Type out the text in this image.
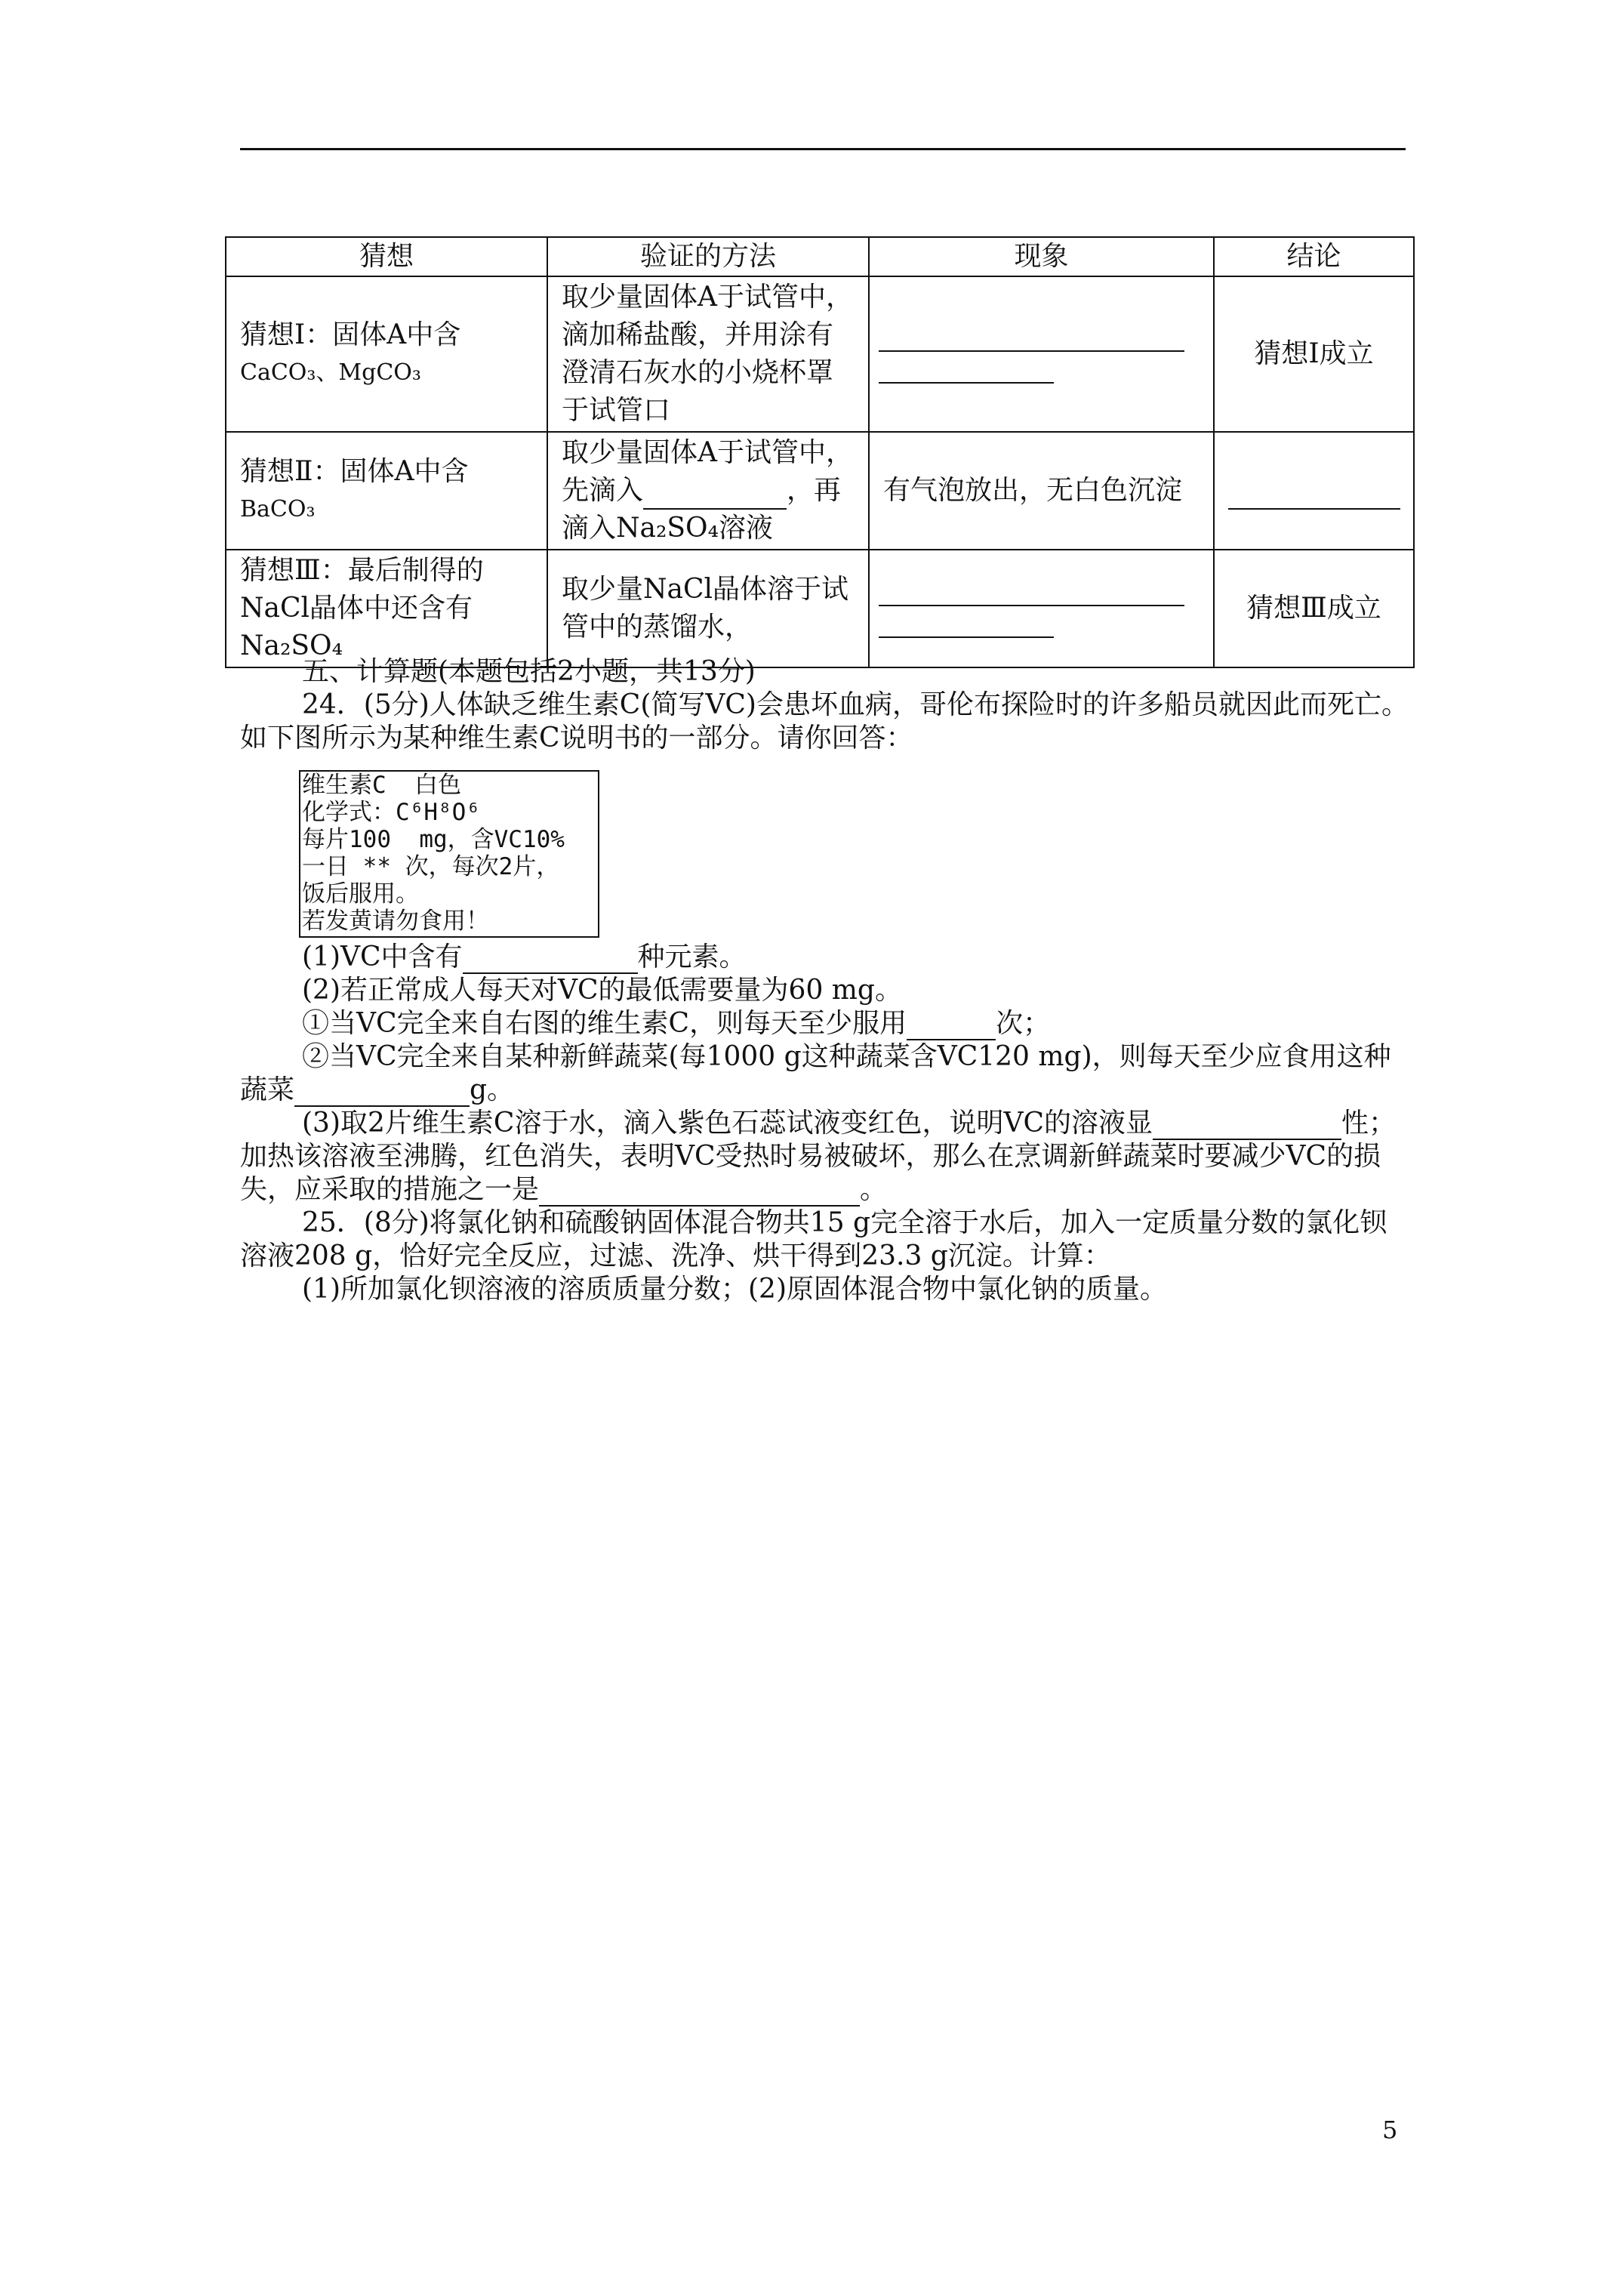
猜想	验证的方法	现象	结论

猜想Ⅰ：固体A中含
CaCO₃、MgCO₃	取少量固体A于试管中，滴加稀盐酸，并用涂有澄清石灰水的小烧杯罩于试管口		猜想Ⅰ成立

猜想Ⅱ：固体A中含
BaCO₃	取少量固体A于试管中，先滴入 ，再滴入Na₂SO₄溶液	有气泡放出，无白色沉淀	
猜想Ⅲ：最后制得的NaCl晶体中还含有Na₂SO₄	取少量NaCl晶体溶于试管中的蒸馏水，		猜想Ⅲ成立
五、计算题(本题包括2小题，共13分)
24．(5分)人体缺乏维生素C(简写VC)会患坏血病，哥伦布探险时的许多船员就因此而死亡。如下图所示为某种维生素C说明书的一部分。请你回答：
维生素C  白色
化学式：C⁶H⁸O⁶
每片100  mg，含VC10%
一日 ** 次，每次2片，
饭后服用。
若发黄请勿食用！
(1)VC中含有	种元素。
(2)若正常成人每天对VC的最低需要量为60 mg。
①当VC完全来自右图的维生素C，则每天至少服用	次；
②当VC完全来自某种新鲜蔬菜(每1000 g这种蔬菜含VC120 mg)，则每天至少应食用这种蔬菜	g。
(3)取2片维生素C溶于水，滴入紫色石蕊试液变红色，说明VC的溶液显	性；加热该溶液至沸腾，红色消失，表明VC受热时易被破坏，那么在烹调新鲜蔬菜时要减少VC的损失，应采取的措施之一是	。
25．(8分)将氯化钠和硫酸钠固体混合物共15 g完全溶于水后，加入一定质量分数的氯化钡溶液208 g，恰好完全反应，过滤、洗净、烘干得到23.3 g沉淀。计算：
(1)所加氯化钡溶液的溶质质量分数；(2)原固体混合物中氯化钠的质量。
5
